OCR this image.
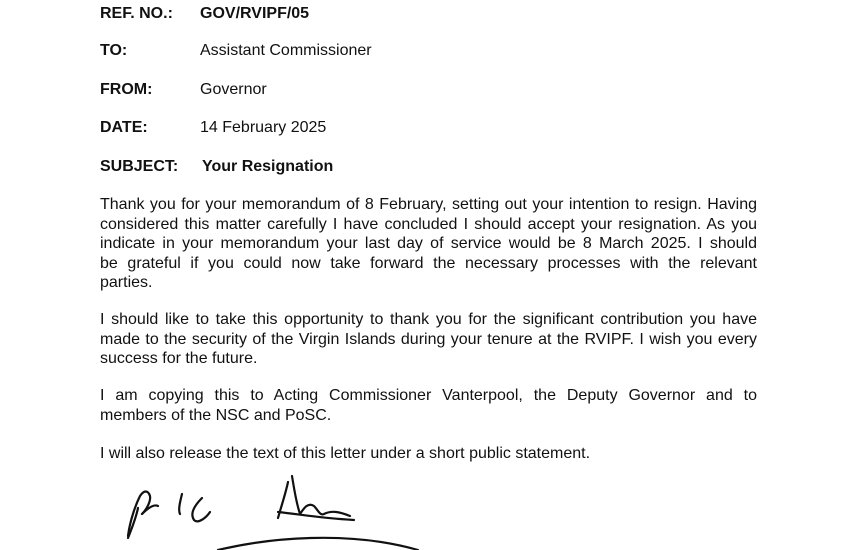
REF. NO.: GOV/RVIPF/05
TO:	Assistant Commissioner
FROM:	Governor
DATE:	14 February 2025
SUBJECT: Your Resignation
Thank you for your memorandum of 8 February, setting out your intention to resign. Having
considered this matter carefully I have concluded I should accept your resignation. As you
indicate in your memorandum your last day of service would be 8 March 2025. I should
be grateful if you could now take forward the necessary processes with the relevant
parties.
I should like to take this opportunity to thank you for the significant contribution you have
made to the security of the Virgin Islands during your tenure at the RVIPF. I wish you every
success for the future.
I am copying this to Acting Commissioner Vanterpool, the Deputy Governor and to
members of the NSC and PoSC.
I will also release the text of this letter under a short public statement.
